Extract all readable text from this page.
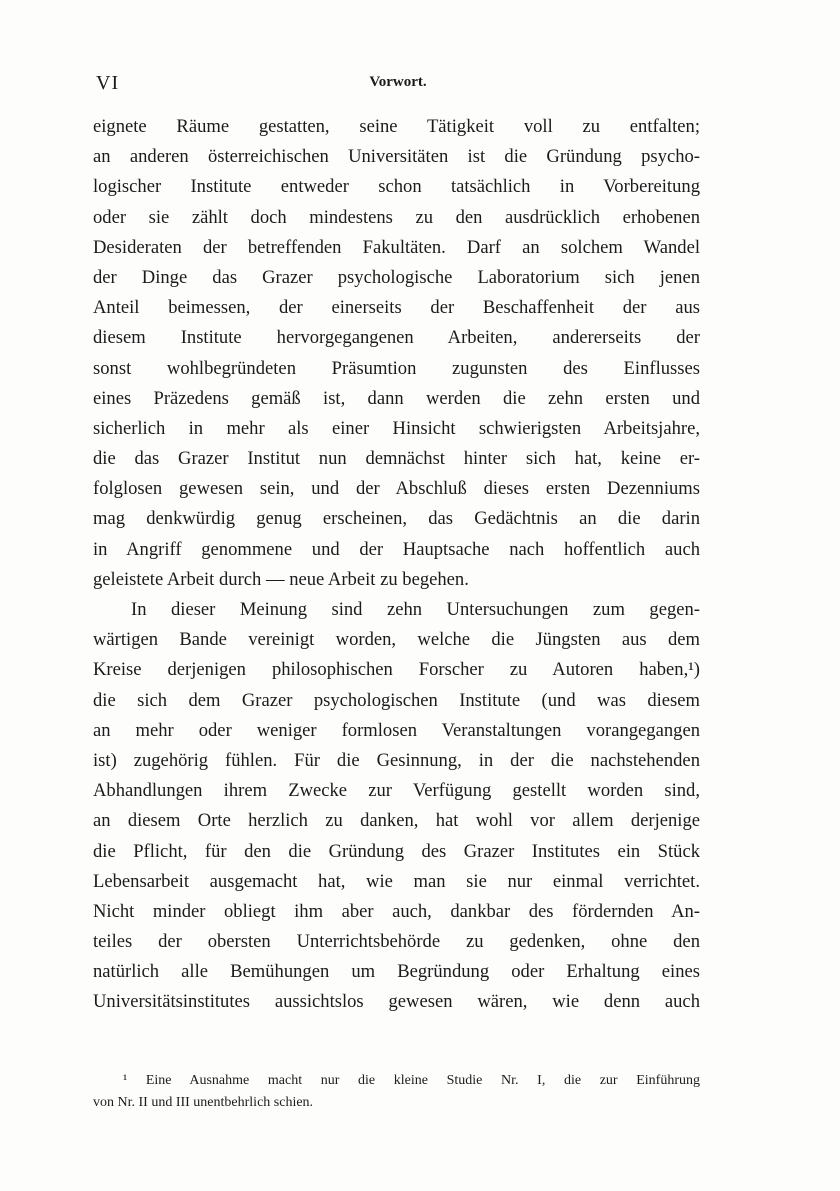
VI	Vorwort.
eignete Räume gestatten, seine Tätigkeit voll zu entfalten;
an anderen österreichischen Universitäten ist die Gründung psycho-
logischer Institute entweder schon tatsächlich in Vorbereitung
oder sie zählt doch mindestens zu den ausdrücklich erhobenen
Desideraten der betreffenden Fakultäten. Darf an solchem Wandel
der Dinge das Grazer psychologische Laboratorium sich jenen
Anteil beimessen, der einerseits der Beschaffenheit der aus
diesem Institute hervorgegangenen Arbeiten, andererseits der
sonst wohlbegründeten Präsumtion zugunsten des Einflusses
eines Präzedens gemäß ist, dann werden die zehn ersten und
sicherlich in mehr als einer Hinsicht schwierigsten Arbeitsjahre,
die das Grazer Institut nun demnächst hinter sich hat, keine er-
folglosen gewesen sein, und der Abschluß dieses ersten Dezenniums
mag denkwürdig genug erscheinen, das Gedächtnis an die darin
in Angriff genommene und der Hauptsache nach hoffentlich auch
geleistete Arbeit durch — neue Arbeit zu begehen.
In dieser Meinung sind zehn Untersuchungen zum gegen-
wärtigen Bande vereinigt worden, welche die Jüngsten aus dem
Kreise derjenigen philosophischen Forscher zu Autoren haben,¹)
die sich dem Grazer psychologischen Institute (und was diesem
an mehr oder weniger formlosen Veranstaltungen vorangegangen
ist) zugehörig fühlen. Für die Gesinnung, in der die nachstehenden
Abhandlungen ihrem Zwecke zur Verfügung gestellt worden sind,
an diesem Orte herzlich zu danken, hat wohl vor allem derjenige
die Pflicht, für den die Gründung des Grazer Institutes ein Stück
Lebensarbeit ausgemacht hat, wie man sie nur einmal verrichtet.
Nicht minder obliegt ihm aber auch, dankbar des fördernden An-
teiles der obersten Unterrichtsbehörde zu gedenken, ohne den
natürlich alle Bemühungen um Begründung oder Erhaltung eines
Universitätsinstitutes aussichtslos gewesen wären, wie denn auch
¹ Eine Ausnahme macht nur die kleine Studie Nr. I, die zur Einführung
von Nr. II und III unentbehrlich schien.
